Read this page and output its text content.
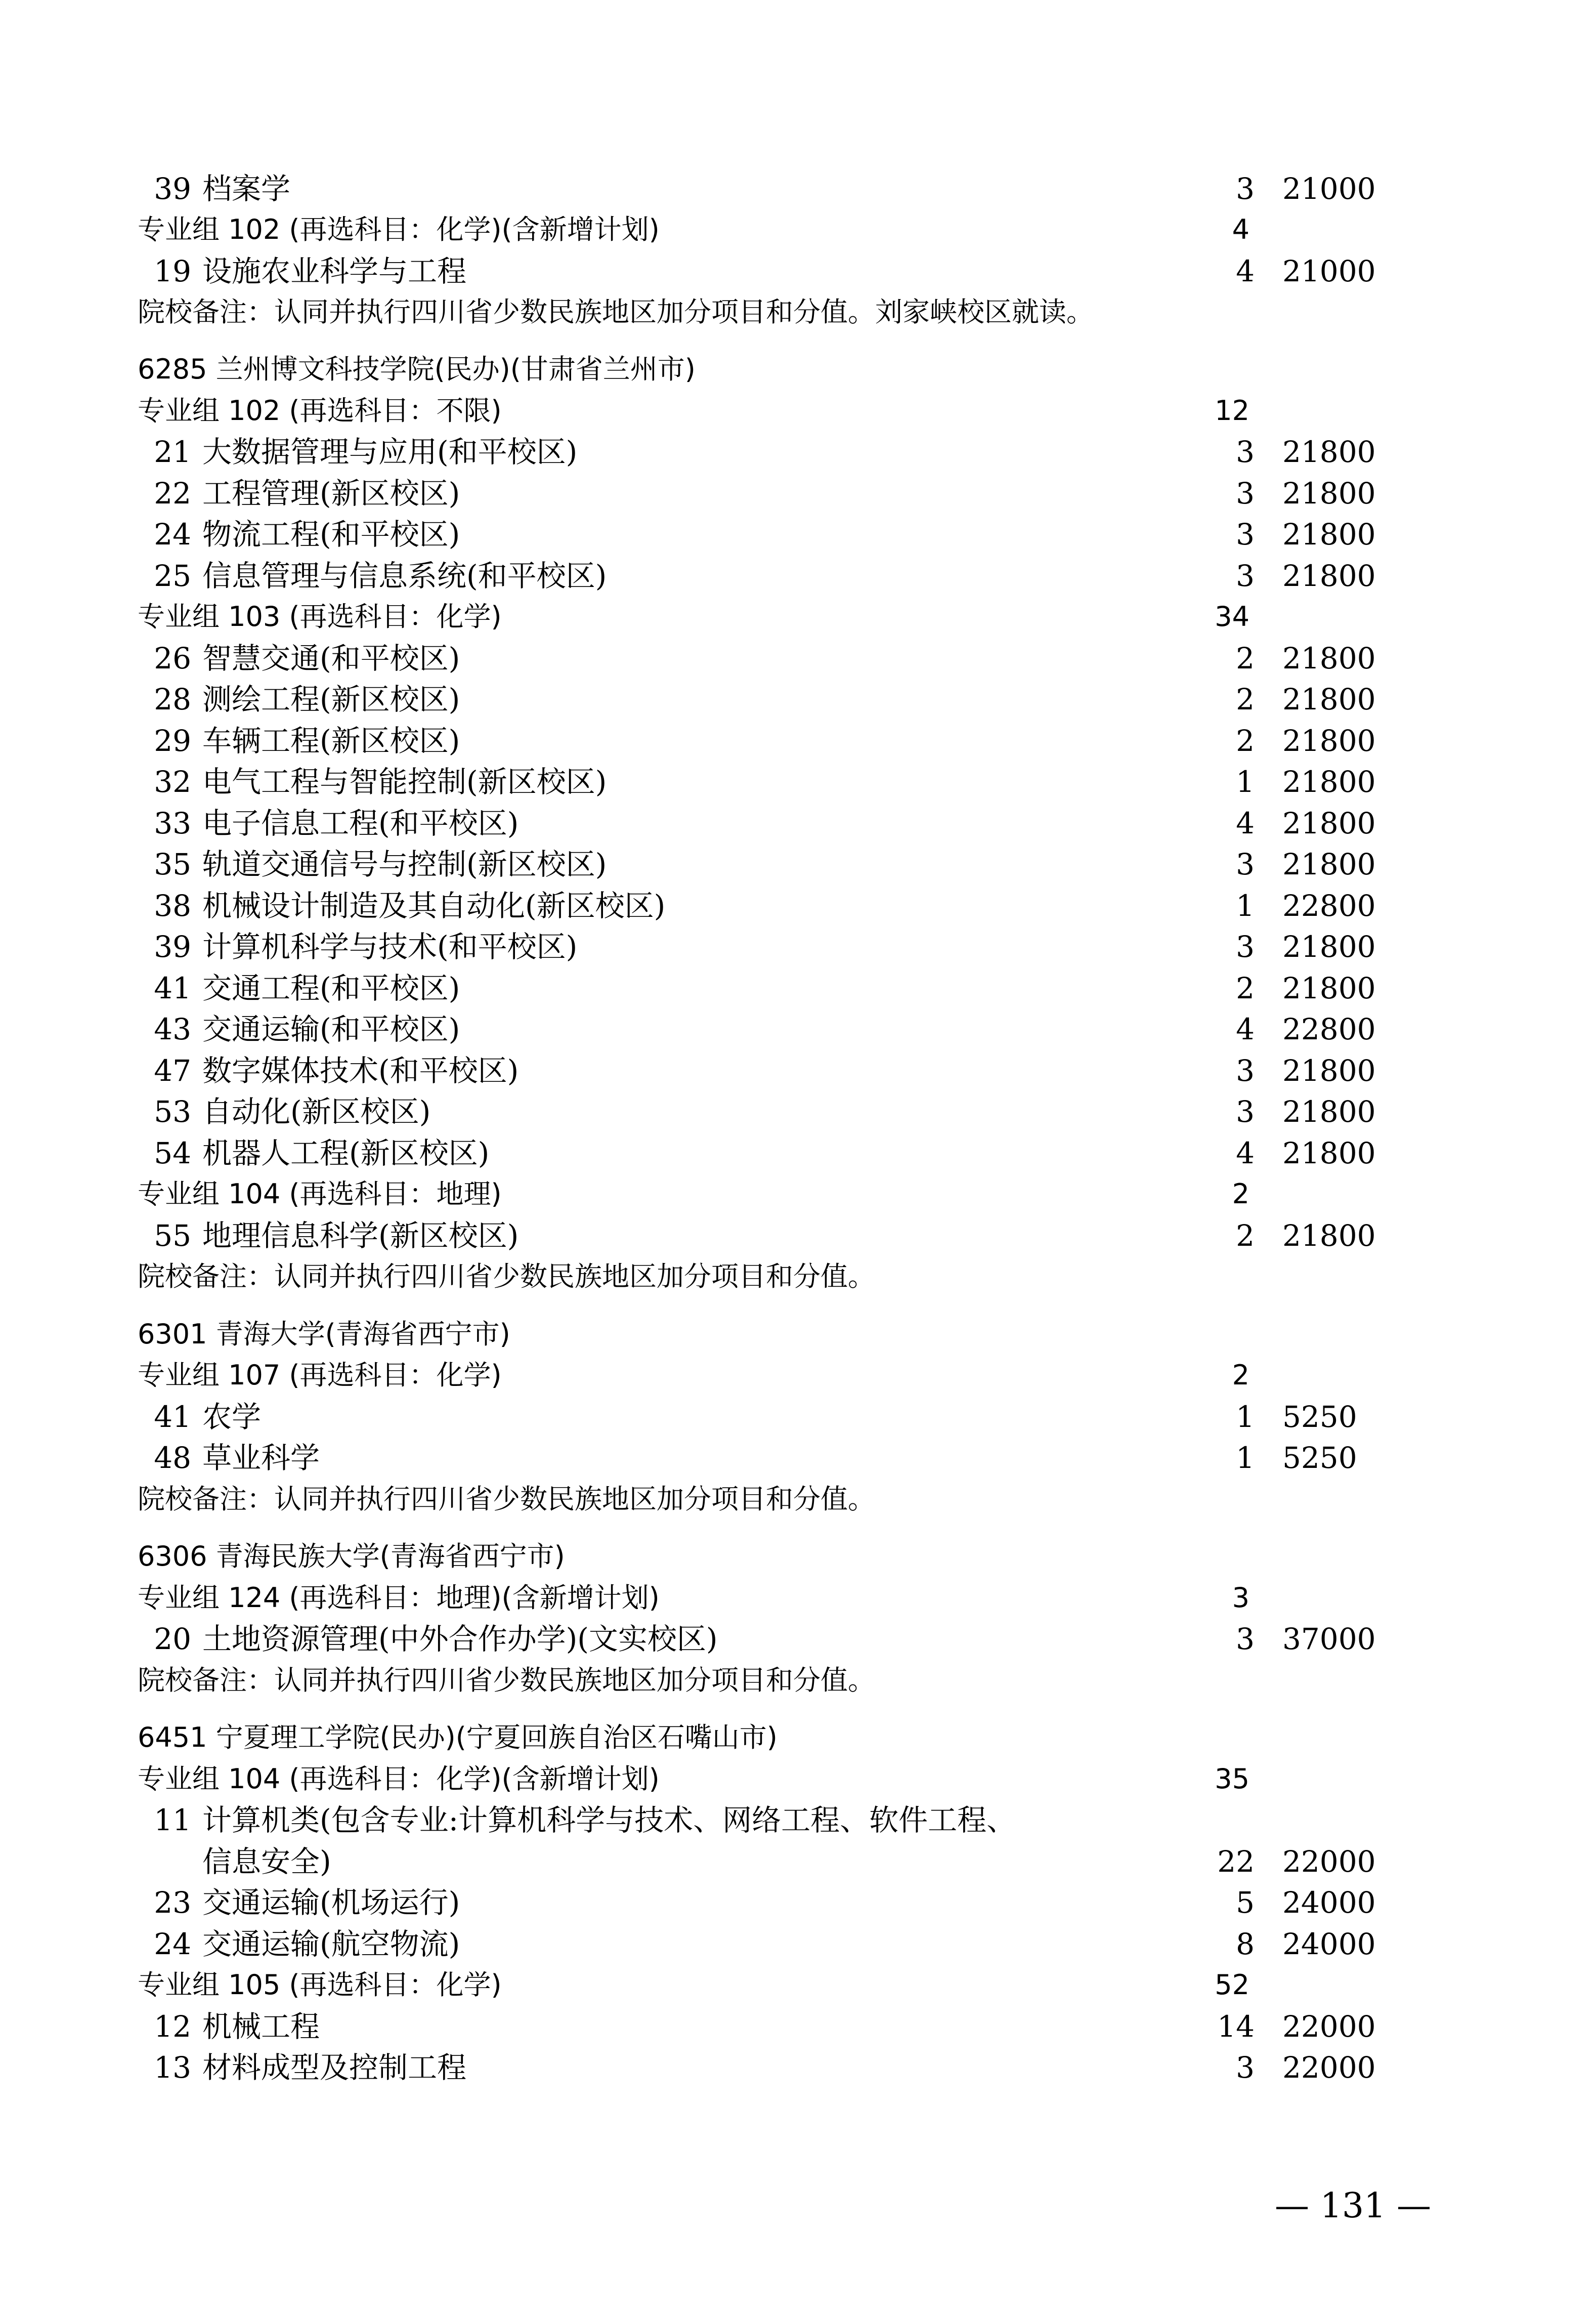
39 档案学	3 21000
专业组 102 (再选科目：化学)(含新增计划)	4
19 设施农业科学与工程	4 21000
院校备注：认同并执行四川省少数民族地区加分项目和分值。刘家峡校区就读。
6285 兰州博文科技学院(民办)(甘肃省兰州市)
专业组 102 (再选科目：不限)	12
21 大数据管理与应用(和平校区)	3 21800
22 工程管理(新区校区)	3 21800
24 物流工程(和平校区)	3 21800
25 信息管理与信息系统(和平校区)	3 21800
专业组 103 (再选科目：化学)	34
26 智慧交通(和平校区)	2 21800
28 测绘工程(新区校区)	2 21800
29 车辆工程(新区校区)	2 21800
32 电气工程与智能控制(新区校区)	1 21800
33 电子信息工程(和平校区)	4 21800
35 轨道交通信号与控制(新区校区)	3 21800
38 机械设计制造及其自动化(新区校区)	1 22800
39 计算机科学与技术(和平校区)	3 21800
41 交通工程(和平校区)	2 21800
43 交通运输(和平校区)	4 22800
47 数字媒体技术(和平校区)	3 21800
53 自动化(新区校区)	3 21800
54 机器人工程(新区校区)	4 21800
专业组 104 (再选科目：地理)	2
55 地理信息科学(新区校区)	2 21800
院校备注：认同并执行四川省少数民族地区加分项目和分值。
6301 青海大学(青海省西宁市)
专业组 107 (再选科目：化学)	2
41 农学	1 5250
48 草业科学	1 5250
院校备注：认同并执行四川省少数民族地区加分项目和分值。
6306 青海民族大学(青海省西宁市)
专业组 124 (再选科目：地理)(含新增计划)	3
20 土地资源管理(中外合作办学)(文实校区)	3 37000
院校备注：认同并执行四川省少数民族地区加分项目和分值。
6451 宁夏理工学院(民办)(宁夏回族自治区石嘴山市)
专业组 104 (再选科目：化学)(含新增计划)	35
11 计算机类(包含专业:计算机科学与技术、网络工程、软件工程、
信息安全)	22 22000
23 交通运输(机场运行)	5 24000
24 交通运输(航空物流)	8 24000
专业组 105 (再选科目：化学)	52
12 机械工程	14 22000
13 材料成型及控制工程	3 22000
— 131 —
